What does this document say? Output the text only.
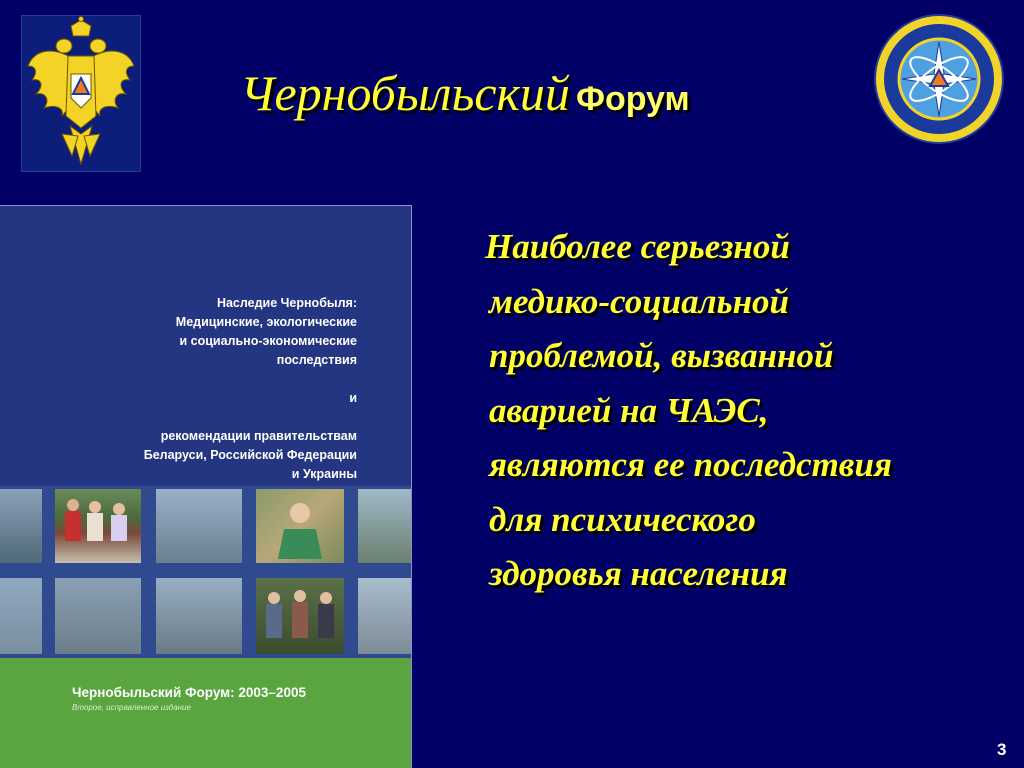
Чернобыльский Форум
Наследие Чернобыля:
Медицинские, экологические
и социально-экономические
последствия
и
рекомендации правительствам
Беларуси, Российской Федерации
и Украины
Чернобыльский Форум: 2003–2005
Второе, исправленное издание
Наиболее серьезной
медико-социальной
проблемой, вызванной
аварией на ЧАЭС,
являются ее последствия
для психического
здоровья населения
3
